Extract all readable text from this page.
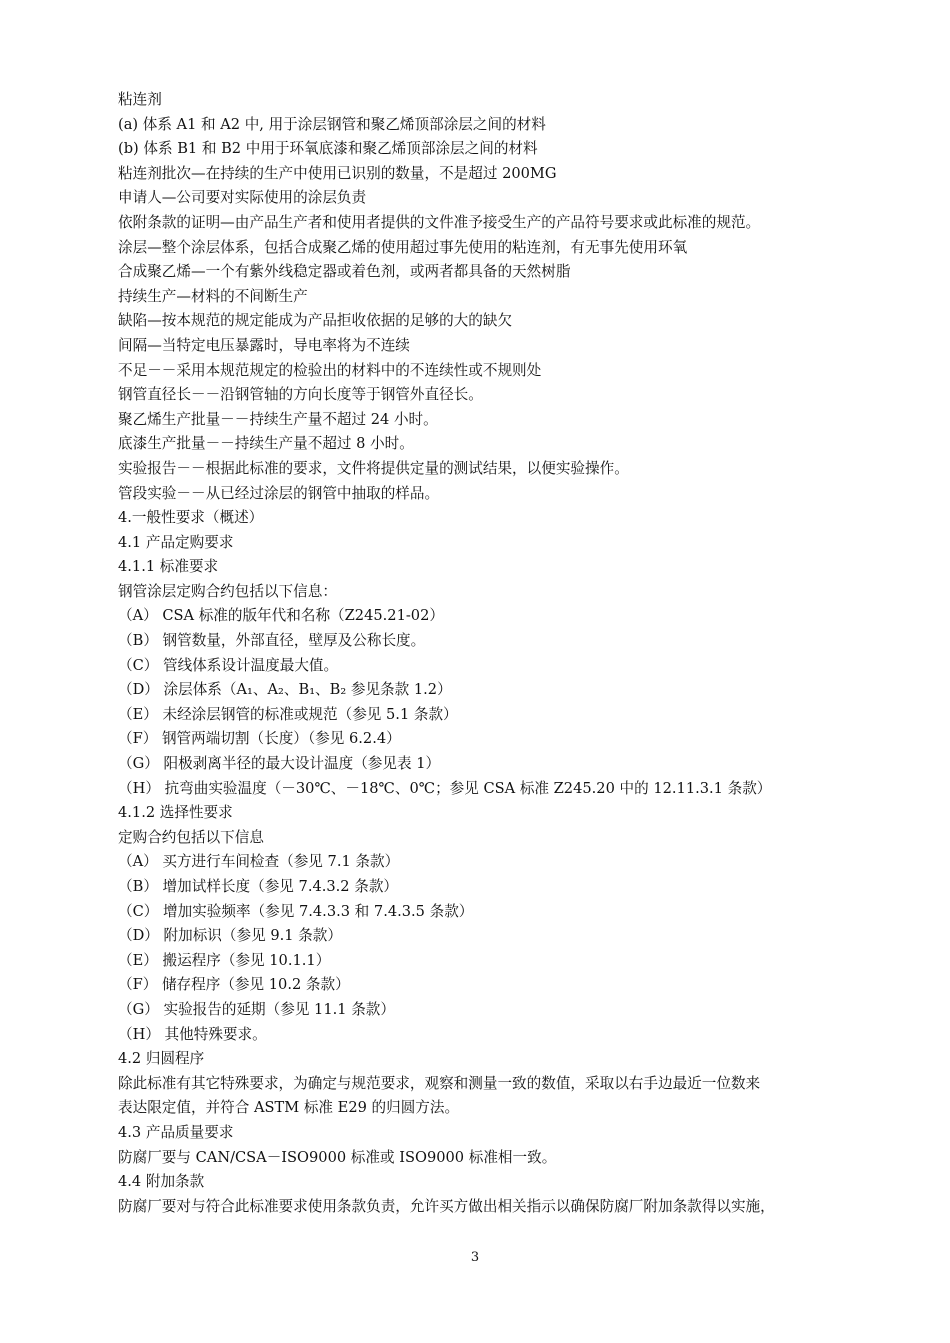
粘连剂
(a) 体系 A1 和 A2 中, 用于涂层钢管和聚乙烯顶部涂层之间的材料
(b) 体系 B1 和 B2 中用于环氧底漆和聚乙烯顶部涂层之间的材料
粘连剂批次—在持续的生产中使用已识别的数量，不是超过 200MG
申请人—公司要对实际使用的涂层负责
依附条款的证明—由产品生产者和使用者提供的文件准予接受生产的产品符号要求或此标准的规范。
涂层—整个涂层体系，包括合成聚乙烯的使用超过事先使用的粘连剂，有无事先使用环氧
合成聚乙烯—一个有紫外线稳定器或着色剂，或两者都具备的天然树脂
持续生产—材料的不间断生产
缺陷—按本规范的规定能成为产品拒收依据的足够的大的缺欠
间隔—当特定电压暴露时，导电率将为不连续
不足－－采用本规范规定的检验出的材料中的不连续性或不规则处
钢管直径长－－沿钢管轴的方向长度等于钢管外直径长。
聚乙烯生产批量－－持续生产量不超过 24 小时。
底漆生产批量－－持续生产量不超过 8 小时。
实验报告－－根据此标准的要求，文件将提供定量的测试结果，以便实验操作。
管段实验－－从已经过涂层的钢管中抽取的样品。
4.一般性要求（概述）
4.1 产品定购要求
4.1.1 标准要求
钢管涂层定购合约包括以下信息：
（A） CSA 标准的版年代和名称（Z245.21-02）
（B） 钢管数量，外部直径，壁厚及公称长度。
（C） 管线体系设计温度最大值。
（D） 涂层体系（A₁、A₂、B₁、B₂ 参见条款 1.2）
（E） 未经涂层钢管的标准或规范（参见 5.1 条款）
（F） 钢管两端切割（长度）（参见 6.2.4）
（G） 阳极剥离半径的最大设计温度（参见表 1）
（H） 抗弯曲实验温度（－30℃、－18℃、0℃；参见 CSA 标准 Z245.20 中的 12.11.3.1 条款）
4.1.2 选择性要求
定购合约包括以下信息
（A） 买方进行车间检查（参见 7.1 条款）
（B） 增加试样长度（参见 7.4.3.2 条款）
（C） 增加实验频率（参见 7.4.3.3 和 7.4.3.5 条款）
（D） 附加标识（参见 9.1 条款）
（E） 搬运程序（参见 10.1.1）
（F） 储存程序（参见 10.2 条款）
（G） 实验报告的延期（参见 11.1 条款）
（H） 其他特殊要求。
4.2 归圆程序
除此标准有其它特殊要求，为确定与规范要求，观察和测量一致的数值，采取以右手边最近一位数来
表达限定值，并符合 ASTM 标准 E29 的归圆方法。
4.3 产品质量要求
防腐厂要与 CAN/CSA－ISO9000 标准或 ISO9000 标准相一致。
4.4 附加条款
防腐厂要对与符合此标准要求使用条款负责，允许买方做出相关指示以确保防腐厂附加条款得以实施，
3
